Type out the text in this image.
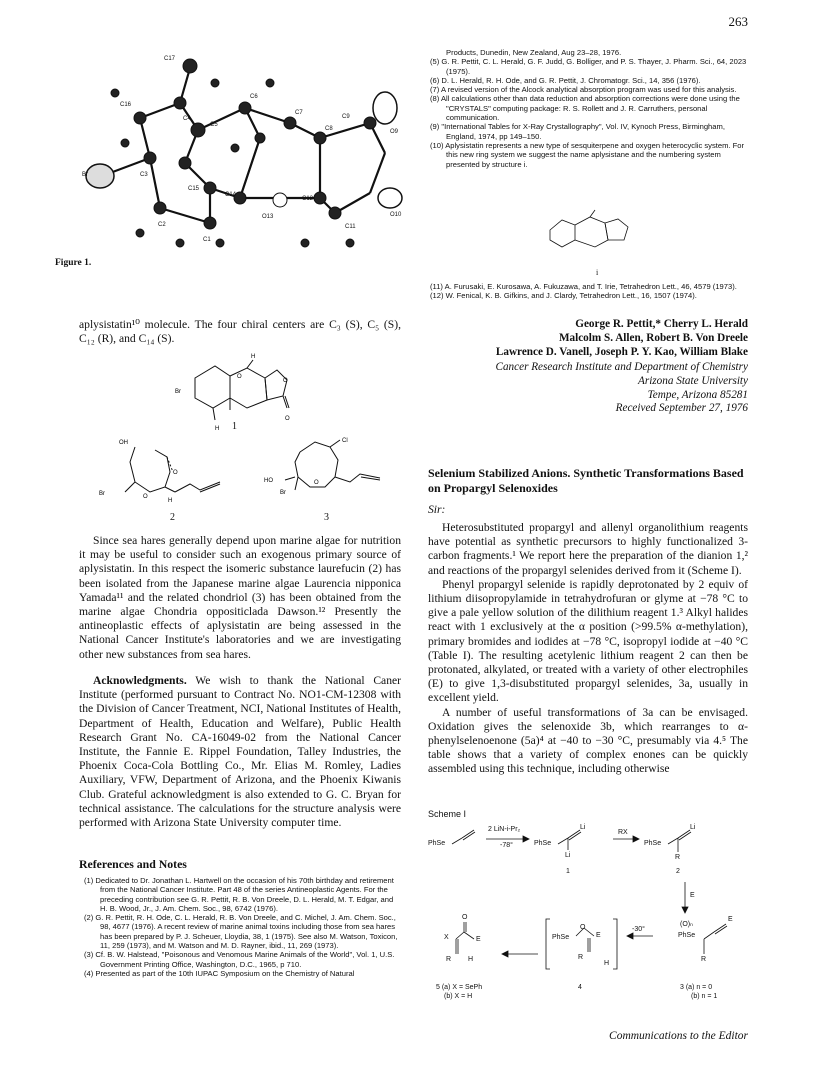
263
C17
C16
C4
C5
C6
C7
C8
C9
O9
Br	C3
C15
C14
O13
C12
O10
C11
C2
C1
Figure 1.
aplysistatin¹⁰ molecule. The four chiral centers are C₃ (S), C₅ (S), C₁₂ (R), and C₁₄ (S).
Br
H
O
H
O
O
1
OH
Br
O
O
H
2
Cl
HO
Br
O
3

Since sea hares generally depend upon marine algae for nutrition it may be useful to consider such an exogenous primary source of aplysistatin. In this respect the isomeric substance laurefucin (2) has been isolated from the Japanese marine algae Laurencia nipponica Yamada¹¹ and the related chondriol (3) has been obtained from the marine algae Chondria oppositiclada Dawson.¹² Presently the antineoplastic effects of aplysistatin are being assessed in the National Cancer Institute's laboratories and we are investigating other new substances from sea hares.

Acknowledgments. We wish to thank the National Caner Institute (performed pursuant to Contract No. NO1-CM-12308 with the Division of Cancer Treatment, NCI, National Institutes of Health, Department of Health, Education and Welfare), Public Health Research Grant No. CA-16049-02 from the National Cancer Institute, the Fannie E. Rippel Foundation, Talley Industries, the Phoenix Coca-Cola Bottling Co., Mr. Elias M. Romley, Ladies Auxiliary, VFW, Department of Arizona, and the Phoenix Kiwanis Club. Grateful acknowledgment is also extended to G. C. Bryan for technical assistance. The calculations for the structure analysis were performed with Arizona State University computer time.

References and Notes
(1) Dedicated to Dr. Jonathan L. Hartwell on the occasion of his 70th birthday and retirement from the National Cancer Institute. Part 48 of the series Antineoplastic Agents. For the preceding contribution see G. R. Pettit, R. B. Von Dreele, D. L. Herald, M. T. Edgar, and H. B. Wood, Jr., J. Am. Chem. Soc., 98, 6742 (1976).
(2) G. R. Pettit, R. H. Ode, C. L. Herald, R. B. Von Dreele, and C. Michel, J. Am. Chem. Soc., 98, 4677 (1976). A recent review of marine animal toxins including those from sea hares has been prepared by P. J. Scheuer, Lloydia, 38, 1 (1975). See also M. Watson, Toxicon, 11, 259 (1973), and M. Watson and M. D. Rayner, ibid., 11, 269 (1973).
(3) Cf. B. W. Halstead, "Poisonous and Venomous Marine Animals of the World", Vol. 1, U.S. Government Printing Office, Washington, D.C., 1965, p 710.
(4) Presented as part of the 10th IUPAC Symposium on the Chemistry of Natural
Products, Dunedin, New Zealand, Aug 23–28, 1976.
(5) G. R. Pettit, C. L. Herald, G. F. Judd, G. Bolliger, and P. S. Thayer, J. Pharm. Sci., 64, 2023 (1975).
(6) D. L. Herald, R. H. Ode, and G. R. Pettit, J. Chromatogr. Sci., 14, 356 (1976).
(7) A revised version of the Alcock analytical absorption program was used for this analysis.
(8) All calculations other than data reduction and absorption corrections were done using the "CRYSTALS" computing package: R. S. Rollett and J. R. Carruthers, personal communication.
(9) "International Tables for X-Ray Crystallography", Vol. IV, Kynoch Press, Birmingham, England, 1974, pp 149–150.
(10) Aplysistatin represents a new type of sesquiterpene and oxygen heterocyclic system. For this new ring system we suggest the name aplysistane and the numbering system presented by structure i.
i
(11) A. Furusaki, E. Kurosawa, A. Fukuzawa, and T. Irie, Tetrahedron Lett., 46, 4579 (1973).
(12) W. Fenical, K. B. Gifkins, and J. Clardy, Tetrahedron Lett., 16, 1507 (1974).
George R. Pettit,* Cherry L. Herald
Malcolm S. Allen, Robert B. Von Dreele
Lawrence D. Vanell, Joseph P. Y. Kao, William Blake
Cancer Research Institute and Department of Chemistry
Arizona State University
Tempe, Arizona 85281
Received September 27, 1976
Selenium Stabilized Anions. Synthetic Transformations Based on Propargyl Selenoxides
Sir:

Heterosubstituted propargyl and allenyl organolithium reagents have potential as synthetic precursors to highly functionalized 3-carbon fragments.¹ We report here the preparation of the dianion 1,² and reactions of the propargyl selenides derived from it (Scheme I).

Phenyl propargyl selenide is rapidly deprotonated by 2 equiv of lithium diisopropylamide in tetrahydrofuran or glyme at −78 °C to give a pale yellow solution of the dilithium reagent 1.³ Alkyl halides react with 1 exclusively at the α position (>99.5% α-methylation), primary bromides and iodides at −78 °C, isopropyl iodide at −40 °C (Table I). The resulting acetylenic lithium reagent 2 can then be protonated, alkylated, or treated with a variety of other electrophiles (E) to give 1,3-disubstituted propargyl selenides, 3a, usually in excellent yield.

A number of useful transformations of 3a can be envisaged. Oxidation gives the selenoxide 3b, which rearranges to α-phenylselenoenone (5a)⁴ at −40 to −30 °C, presumably via 4.⁵ The table shows that a variety of complex enones can be quickly assembled using this technique, including otherwise

Scheme I
PhSe
2 LiN-i-Pr₂
-78°	PhSe
Li
Li
1
RX
PhSe
Li
R
2
E
(O)ₙ
PhSe
E
R
3 (a) n = 0
(b) n = 1
-30°
PhSe
O
E
R
H
4
X
O
E
R H
5 (a) X = SePh
(b) X = H
Communications to the Editor
